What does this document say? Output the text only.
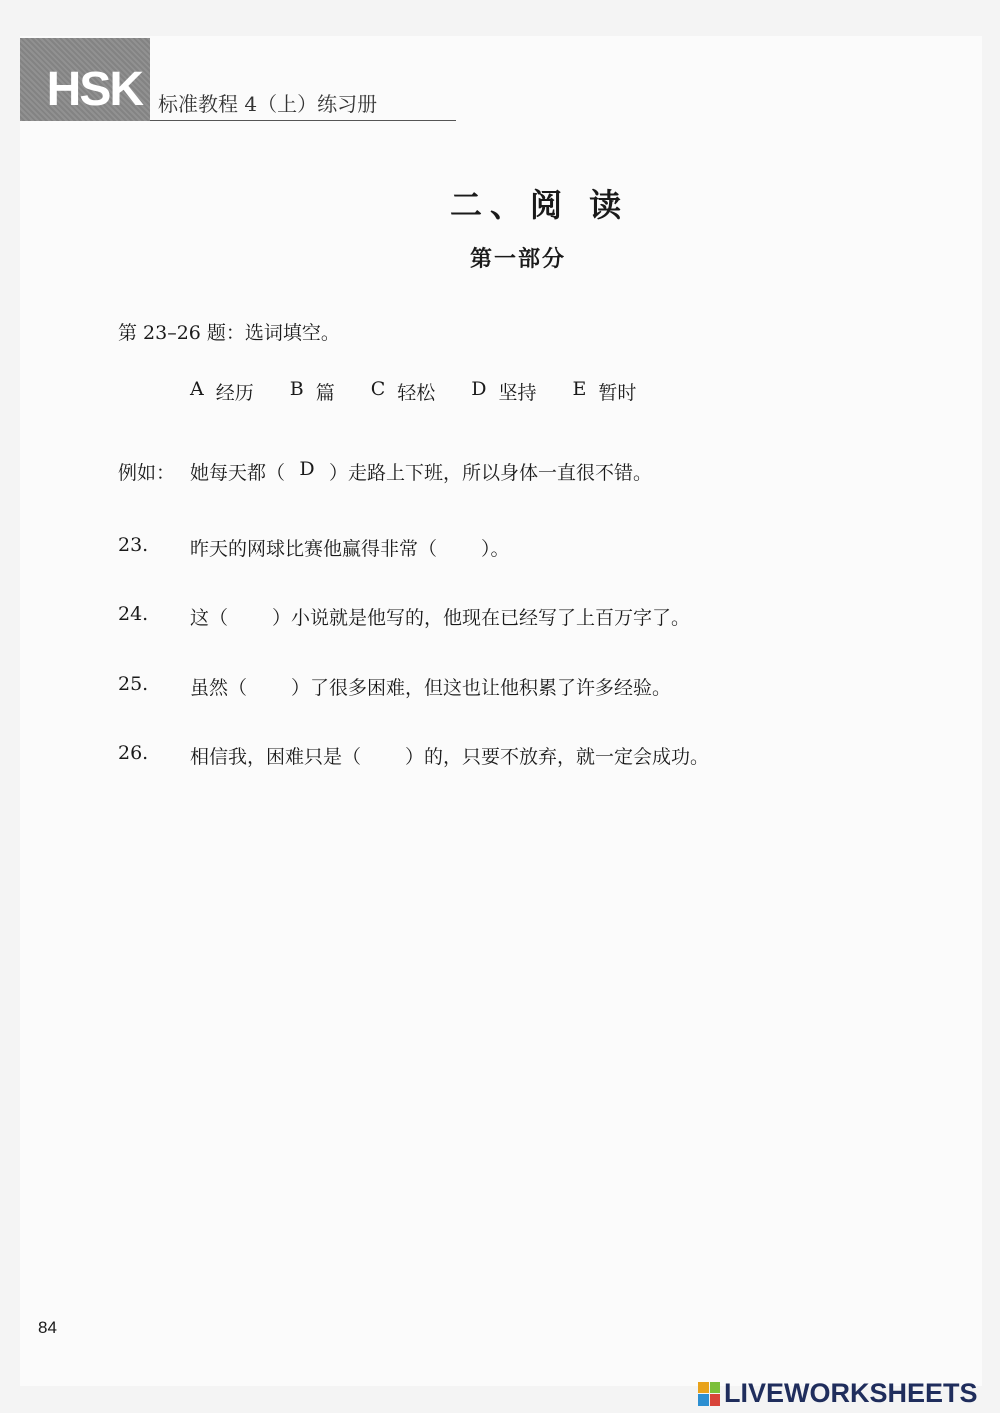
HSK 标准教程 4（上）练习册
二、阅 读
第一部分
第 23–26 题：选词填空。
A 经历 B 篇 C 轻松 D 坚持 E 暂时
例如： 她每天都（ D ）走路上下班，所以身体一直很不错。
23.	昨天的网球比赛他赢得非常（ ）。
24.	这（ ）小说就是他写的，他现在已经写了上百万字了。
25.	虽然（ ）了很多困难，但这也让他积累了许多经验。
26.	相信我，困难只是（ ）的，只要不放弃，就一定会成功。
84
LIVEWORKSHEETS
